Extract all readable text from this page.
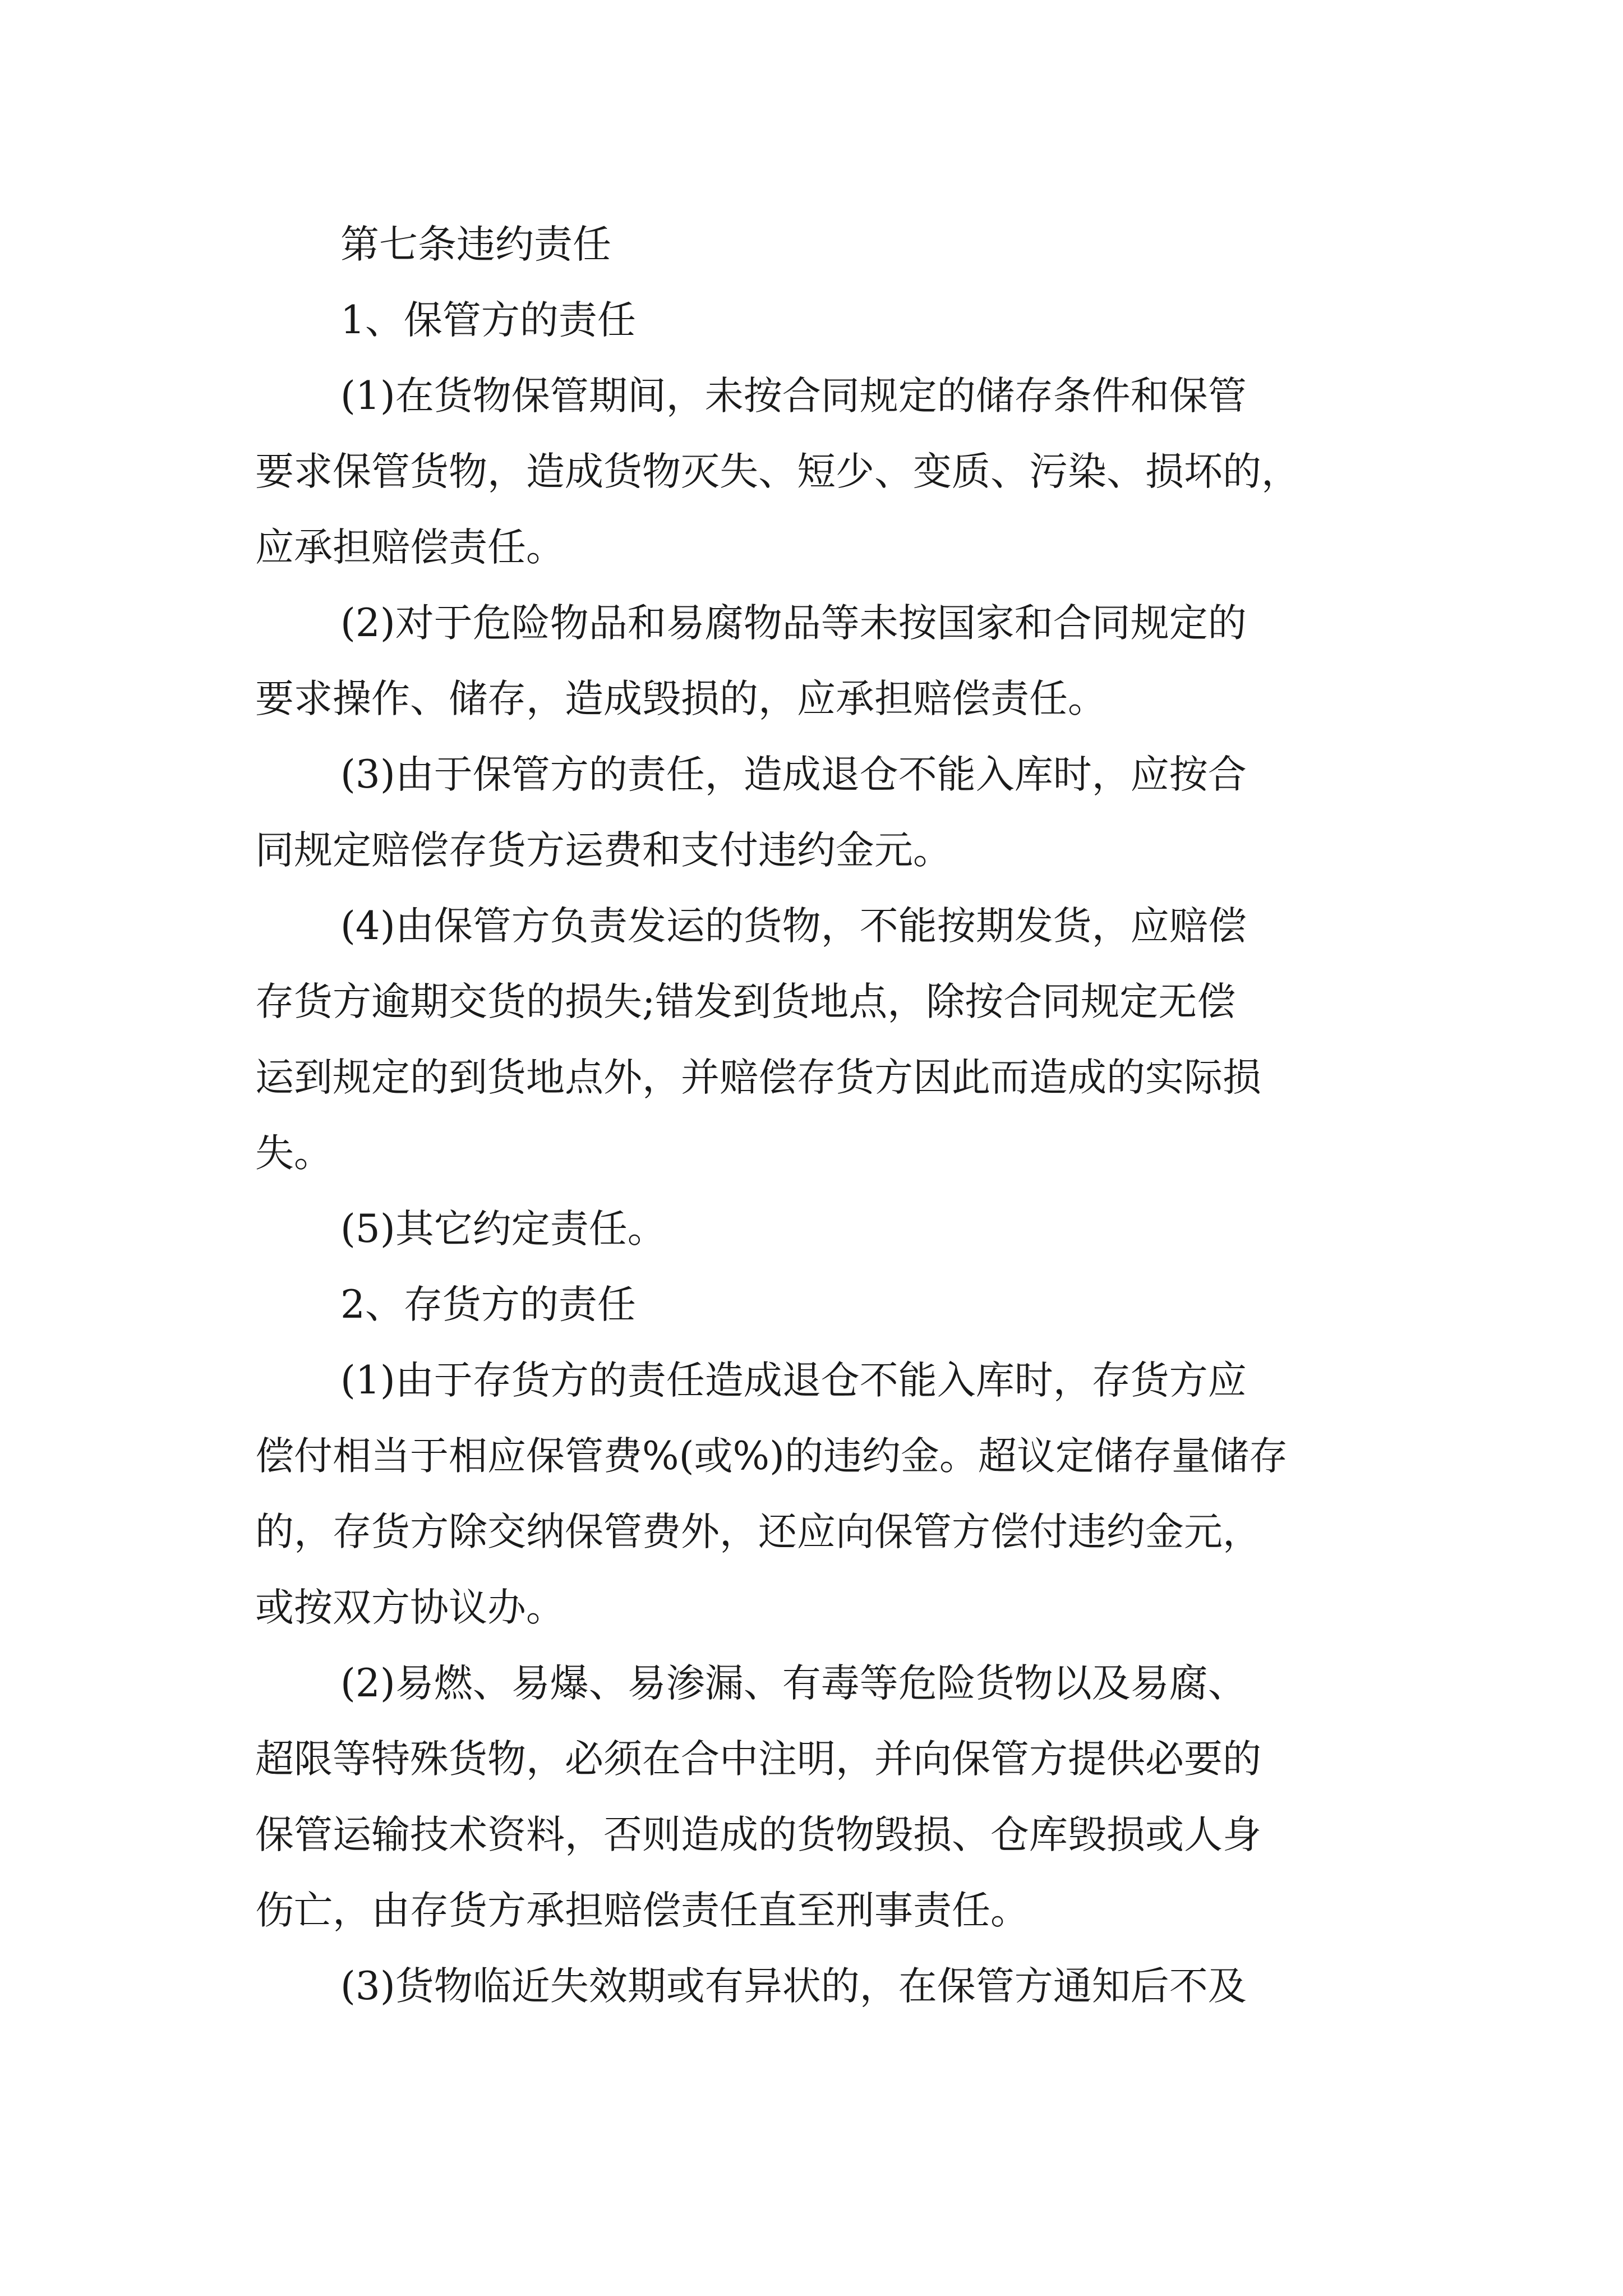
第七条违约责任
1、保管方的责任
(1)在货物保管期间，未按合同规定的储存条件和保管
要求保管货物，造成货物灭失、短少、变质、污染、损坏的，
应承担赔偿责任。
(2)对于危险物品和易腐物品等未按国家和合同规定的
要求操作、储存，造成毁损的，应承担赔偿责任。
(3)由于保管方的责任，造成退仓不能入库时，应按合
同规定赔偿存货方运费和支付违约金元。
(4)由保管方负责发运的货物，不能按期发货，应赔偿
存货方逾期交货的损失;错发到货地点，除按合同规定无偿
运到规定的到货地点外，并赔偿存货方因此而造成的实际损
失。
(5)其它约定责任。
2、存货方的责任
(1)由于存货方的责任造成退仓不能入库时，存货方应
偿付相当于相应保管费%(或%)的违约金。超议定储存量储存
的，存货方除交纳保管费外，还应向保管方偿付违约金元，
或按双方协议办。
(2)易燃、易爆、易渗漏、有毒等危险货物以及易腐、
超限等特殊货物，必须在合中注明，并向保管方提供必要的
保管运输技术资料，否则造成的货物毁损、仓库毁损或人身
伤亡，由存货方承担赔偿责任直至刑事责任。
(3)货物临近失效期或有异状的，在保管方通知后不及
